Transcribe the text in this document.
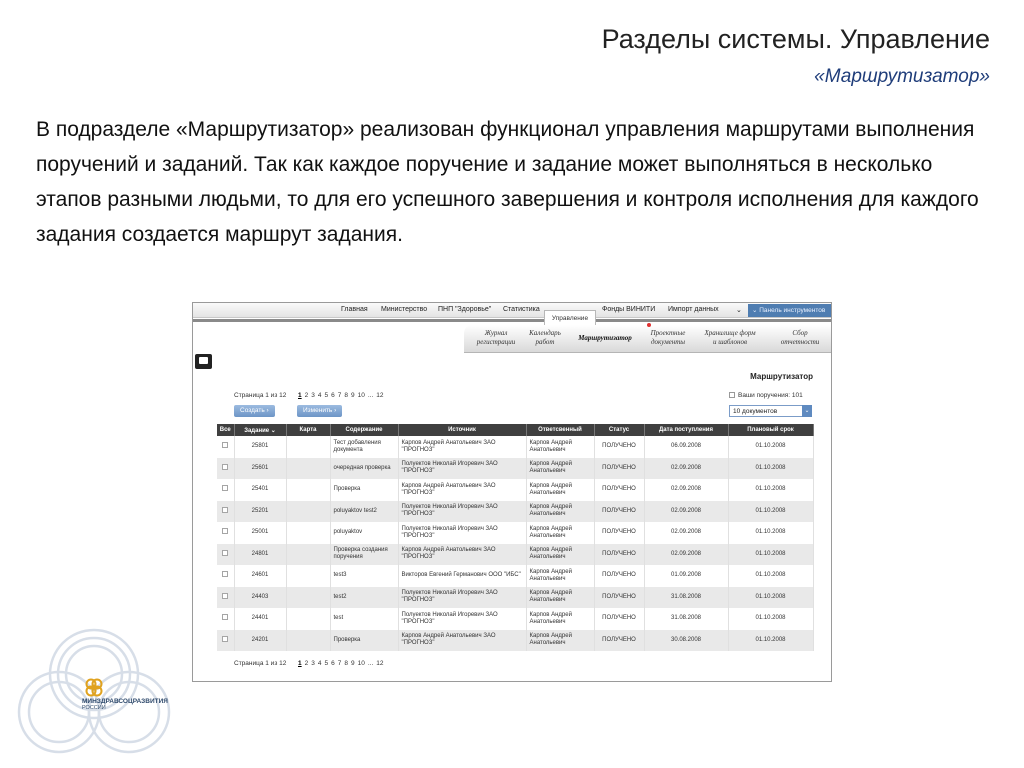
Разделы системы. Управление
«Маршрутизатор»
В подразделе «Маршрутизатор» реализован функционал управления маршрутами выполнения поручений и заданий. Так как каждое поручение и задание может выполняться в несколько этапов разными людьми, то для его успешного завершения и контроля исполнения для каждого задания создается маршрут задания.
Главная Министерство ПНП "Здоровье" Статистика	Фонды ВИНИТИ Импорт данных ⌄	⌄ Панель инструментов
Управление
Журнал
регистрации
Календарь
работ	Маршрутизатор
Проектные
документы
Хранилище форм
и шаблонов
Сбор
отчетности
Маршрутизатор
Страница 1 из 12 1 2 3 4 5 6 7 8 9 10 ... 12
Создать ›	Изменить ›
Ваши поручения: 101
10 документов	⌄
Все	Задание ⌄	Карта	Содержание	Источник	Ответсвенный	Статус	Дата поступления	Плановый срок
	25801		Тест добавления документа	Карпов Андрей Анатольевич ЗАО "ПРОГНОЗ"	Карпов Андрей Анатольевич	ПОЛУЧЕНО	06.09.2008	01.10.2008
	25601		очередная проверка	Полуектов Николай Игоревич ЗАО "ПРОГНОЗ"	Карпов Андрей Анатольевич	ПОЛУЧЕНО	02.09.2008	01.10.2008
	25401		Проверка	Карпов Андрей Анатольевич ЗАО "ПРОГНОЗ"	Карпов Андрей Анатольевич	ПОЛУЧЕНО	02.09.2008	01.10.2008
	25201		poluyaktov test2	Полуектов Николай Игоревич ЗАО "ПРОГНОЗ"	Карпов Андрей Анатольевич	ПОЛУЧЕНО	02.09.2008	01.10.2008
	25001		poluyaktov	Полуектов Николай Игоревич ЗАО "ПРОГНОЗ"	Карпов Андрей Анатольевич	ПОЛУЧЕНО	02.09.2008	01.10.2008
	24801		Проверка создания поручения	Карпов Андрей Анатольевич ЗАО "ПРОГНОЗ"	Карпов Андрей Анатольевич	ПОЛУЧЕНО	02.09.2008	01.10.2008
	24601		test3	Викторов Евгений Германович ООО "ИБС"	Карпов Андрей Анатольевич	ПОЛУЧЕНО	01.09.2008	01.10.2008
	24403		test2	Полуектов Николай Игоревич ЗАО "ПРОГНОЗ"	Карпов Андрей Анатольевич	ПОЛУЧЕНО	31.08.2008	01.10.2008
	24401		test	Полуектов Николай Игоревич ЗАО "ПРОГНОЗ"	Карпов Андрей Анатольевич	ПОЛУЧЕНО	31.08.2008	01.10.2008
	24201		Проверка	Карпов Андрей Анатольевич ЗАО "ПРОГНОЗ"	Карпов Андрей Анатольевич	ПОЛУЧЕНО	30.08.2008	01.10.2008
Страница 1 из 12 1 2 3 4 5 6 7 8 9 10 ... 12
МИНЗДРАВСОЦРАЗВИТИЯ
РОССИИ
